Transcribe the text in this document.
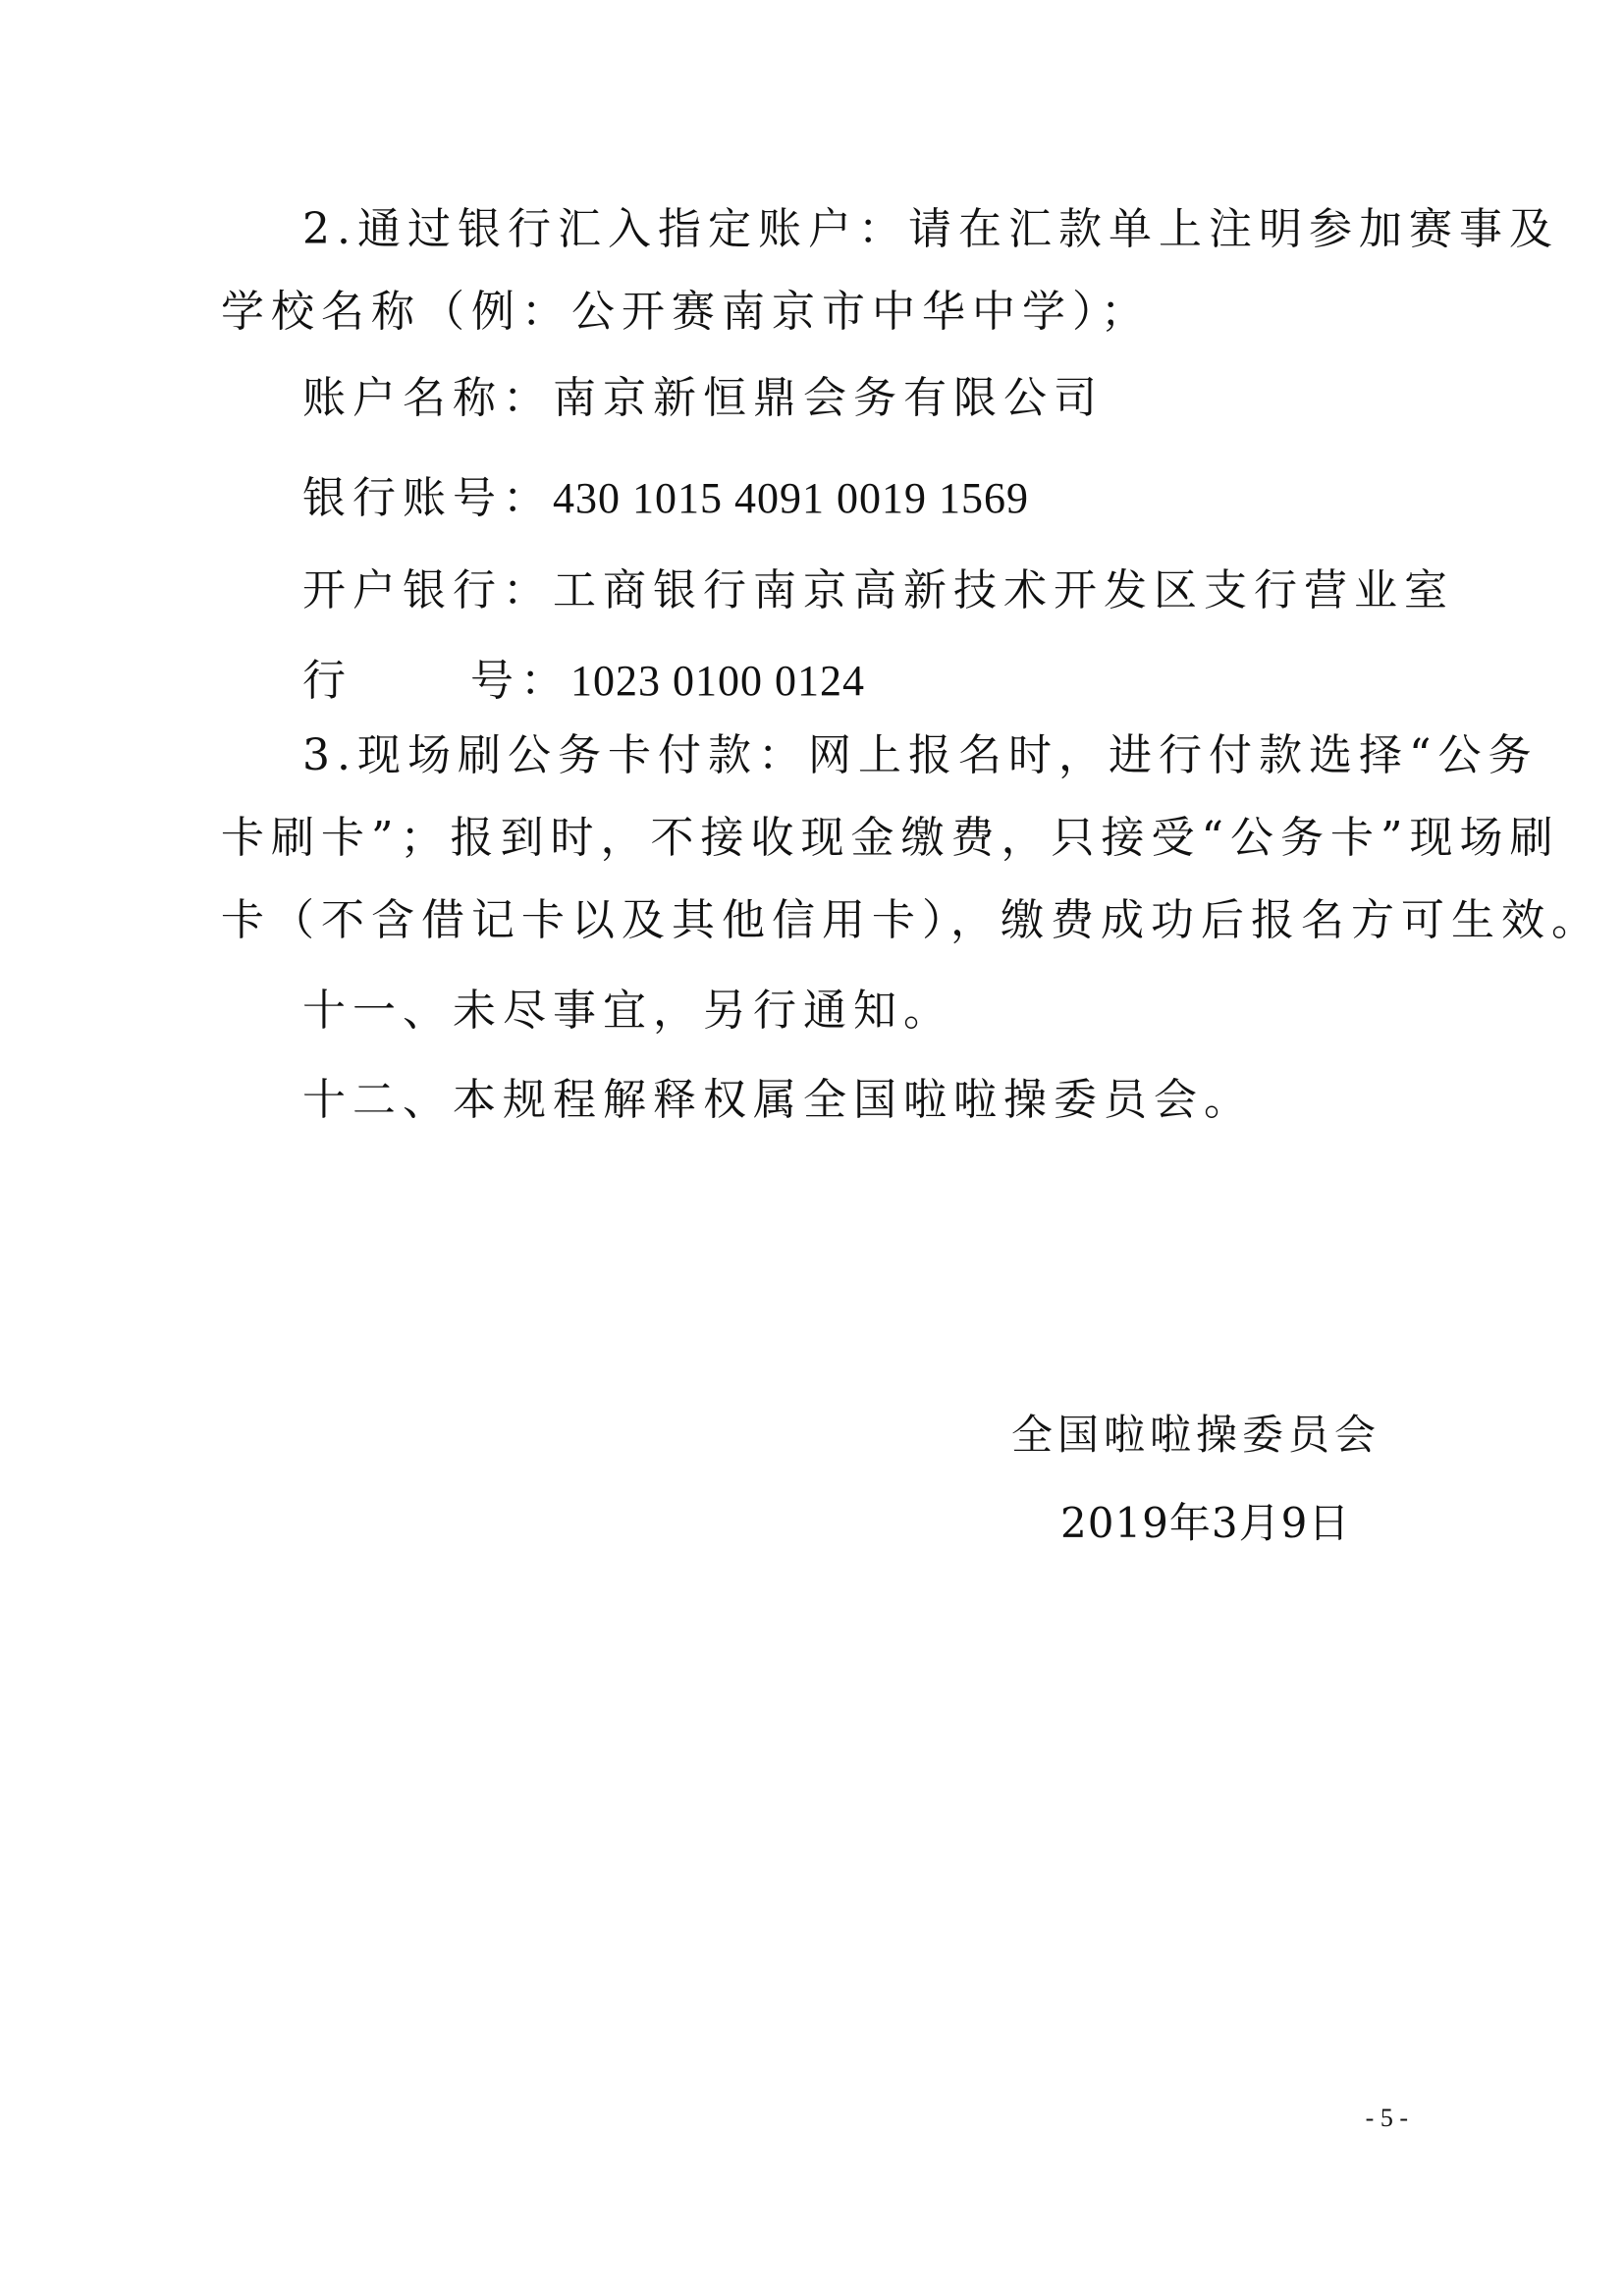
2.通过银行汇入指定账户：请在汇款单上注明参加赛事及
学校名称（例：公开赛南京市中华中学）；
账户名称：南京新恒鼎会务有限公司
银行账号：430 1015 4091 0019 1569
开户银行：工商银行南京高新技术开发区支行营业室
行	号：1023 0100 0124
3.现场刷公务卡付款：网上报名时，进行付款选择“公务
卡刷卡”；报到时，不接收现金缴费，只接受“公务卡”现场刷
卡（不含借记卡以及其他信用卡），缴费成功后报名方可生效。
十一、未尽事宜，另行通知。
十二、本规程解释权属全国啦啦操委员会。
全国啦啦操委员会
2019年3月9日
- 5 -
